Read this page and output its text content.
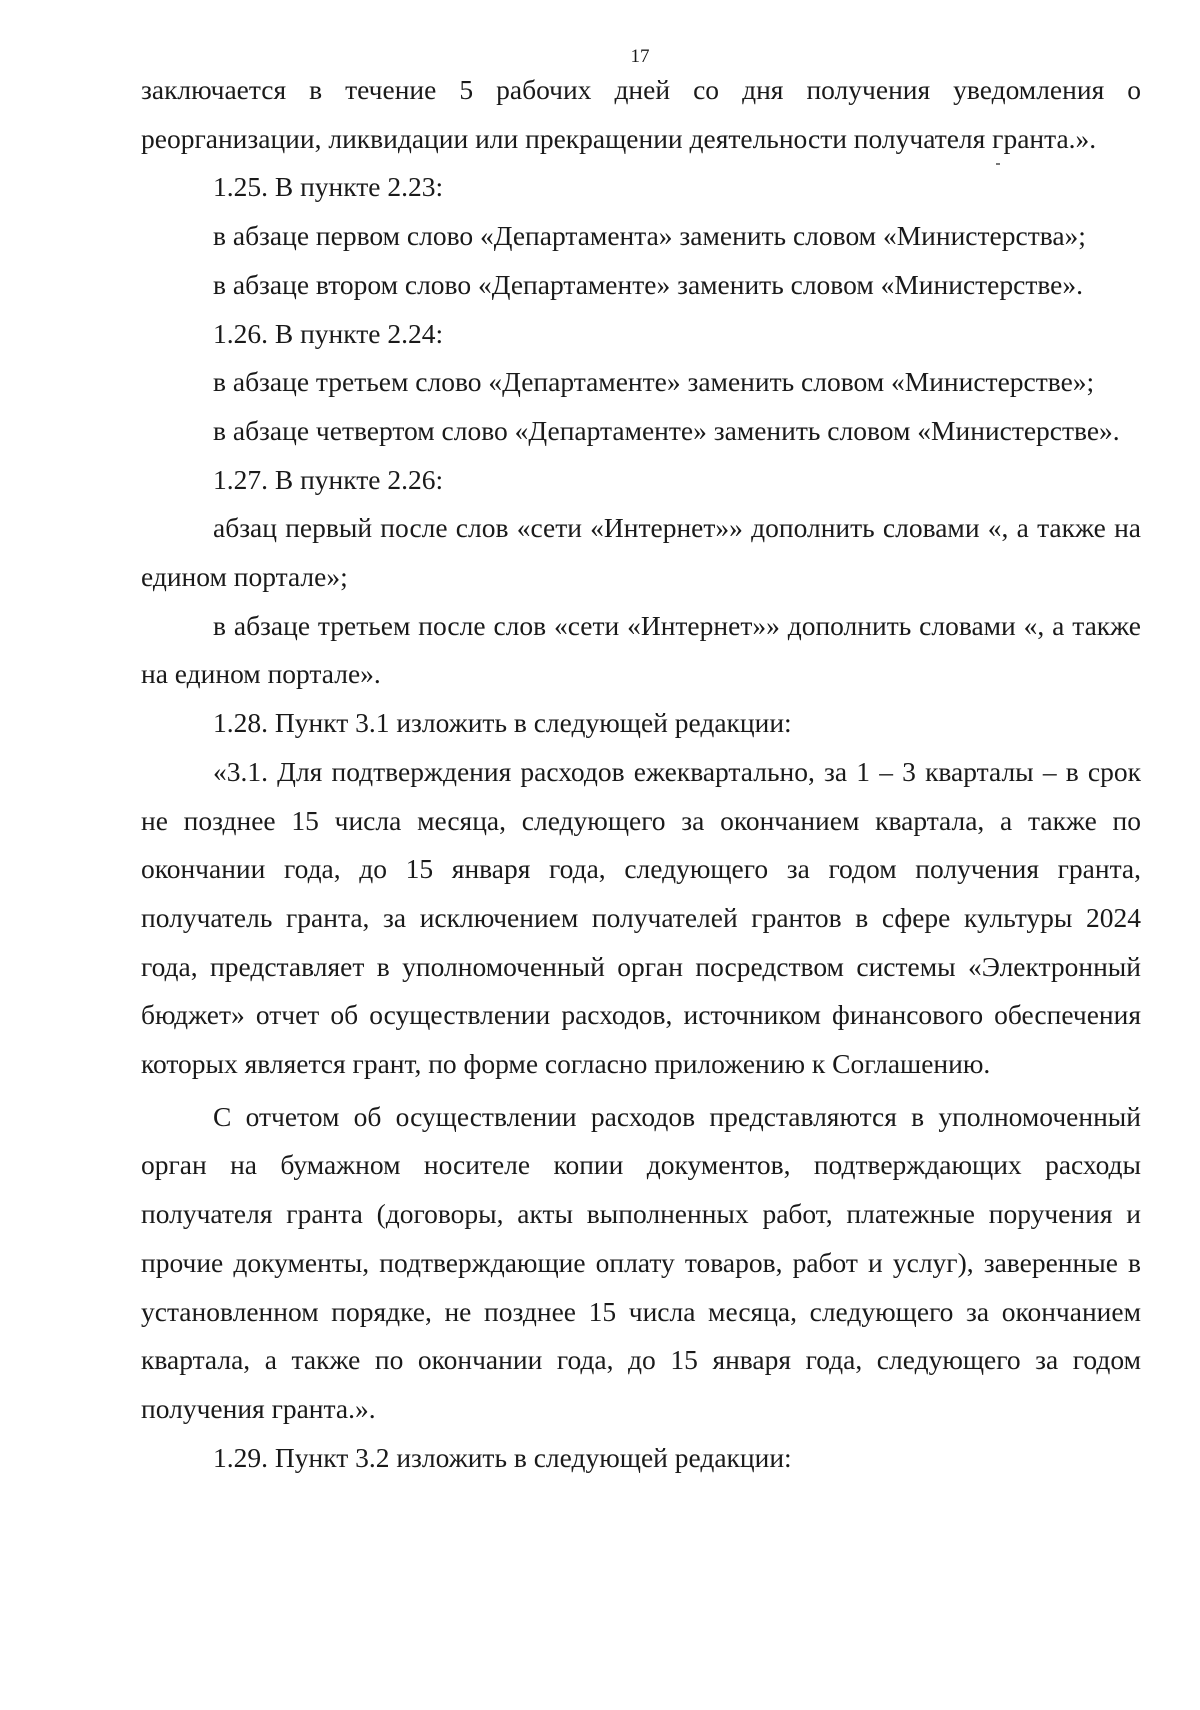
17

заключается в течение 5 рабочих дней со дня получения уведомления о реорганизации, ликвидации или прекращении деятельности получателя гранта.».

1.25. В пункте 2.23:

в абзаце первом слово «Департамента» заменить словом «Министерства»;

в абзаце втором слово «Департаменте» заменить словом «Министерстве».

1.26. В пункте 2.24:

в абзаце третьем слово «Департаменте» заменить словом «Министерстве»;

в абзаце четвертом слово «Департаменте» заменить словом «Министерстве».

1.27. В пункте 2.26:

абзац первый после слов «сети «Интернет»» дополнить словами «, а также на едином портале»;

в абзаце третьем после слов «сети «Интернет»» дополнить словами «, а также на едином портале».

1.28. Пункт 3.1 изложить в следующей редакции:

«3.1. Для подтверждения расходов ежеквартально, за 1 – 3 кварталы – в срок не позднее 15 числа месяца, следующего за окончанием квартала, а также по окончании года, до 15 января года, следующего за годом получения гранта, получатель гранта, за исключением получателей грантов в сфере культуры 2024 года, представляет в уполномоченный орган посредством системы «Электронный бюджет» отчет об осуществлении расходов, источником финансового обеспечения которых является грант, по форме согласно приложению к Соглашению.

С отчетом об осуществлении расходов представляются в уполномоченный орган на бумажном носителе копии документов, подтверждающих расходы получателя гранта (договоры, акты выполненных работ, платежные поручения и прочие документы, подтверждающие оплату товаров, работ и услуг), заверенные в установленном порядке, не позднее 15 числа месяца, следующего за окончанием квартала, а также по окончании года, до 15 января года, следующего за годом получения гранта.».

1.29. Пункт 3.2 изложить в следующей редакции:
